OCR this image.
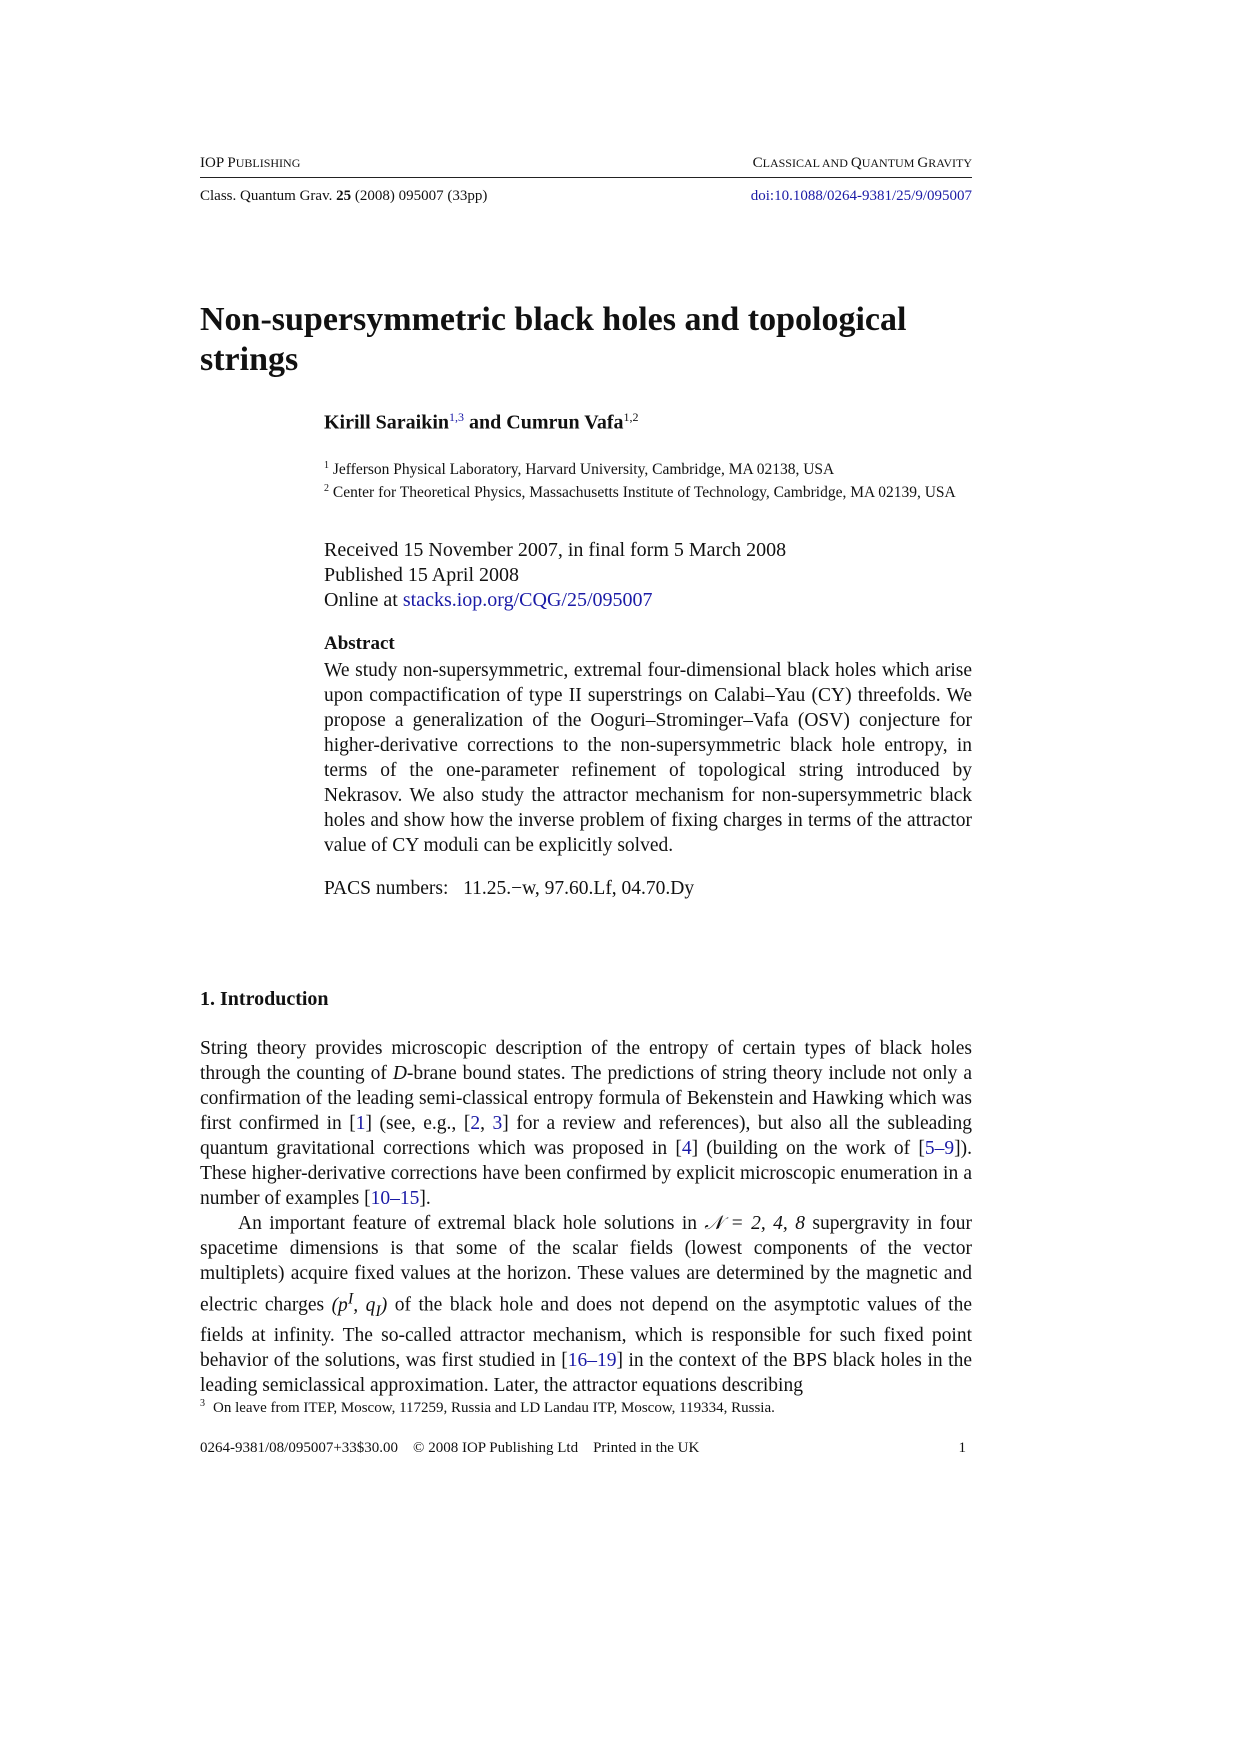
IOP PUBLISHING	CLASSICAL AND QUANTUM GRAVITY
Class. Quantum Grav. 25 (2008) 095007 (33pp)	doi:10.1088/0264-9381/25/9/095007
Non-supersymmetric black holes and topological strings
Kirill Saraikin$^{1,3}$ and Cumrun Vafa$^{1,2}$
$^1$ Jefferson Physical Laboratory, Harvard University, Cambridge, MA 02138, USA
$^2$ Center for Theoretical Physics, Massachusetts Institute of Technology, Cambridge, MA 02139, USA
Received 15 November 2007, in final form 5 March 2008
Published 15 April 2008
Online at stacks.iop.org/CQG/25/095007
Abstract
We study non-supersymmetric, extremal four-dimensional black holes which arise upon compactification of type II superstrings on Calabi–Yau (CY) threefolds. We propose a generalization of the Ooguri–Strominger–Vafa (OSV) conjecture for higher-derivative corrections to the non-supersymmetric black hole entropy, in terms of the one-parameter refinement of topological string introduced by Nekrasov. We also study the attractor mechanism for non-supersymmetric black holes and show how the inverse problem of fixing charges in terms of the attractor value of CY moduli can be explicitly solved.
PACS numbers: 11.25.−w, 97.60.Lf, 04.70.Dy
1. Introduction

String theory provides microscopic description of the entropy of certain types of black holes through the counting of D-brane bound states. The predictions of string theory include not only a confirmation of the leading semi-classical entropy formula of Bekenstein and Hawking which was first confirmed in [1] (see, e.g., [2, 3] for a review and references), but also all the subleading quantum gravitational corrections which was proposed in [4] (building on the work of [5–9]). These higher-derivative corrections have been confirmed by explicit microscopic enumeration in a number of examples [10–15].

An important feature of extremal black hole solutions in 𝒩 = 2, 4, 8 supergravity in four spacetime dimensions is that some of the scalar fields (lowest components of the vector multiplets) acquire fixed values at the horizon. These values are determined by the magnetic and electric charges ($p^I$, $q_I$) of the black hole and does not depend on the asymptotic values of the fields at infinity. The so-called attractor mechanism, which is responsible for such fixed point behavior of the solutions, was first studied in [16–19] in the context of the BPS black holes in the leading semiclassical approximation. Later, the attractor equations describing

$^3$ On leave from ITEP, Moscow, 117259, Russia and LD Landau ITP, Moscow, 119334, Russia.
0264-9381/08/095007+33$30.00 © 2008 IOP Publishing Ltd Printed in the UK	1
